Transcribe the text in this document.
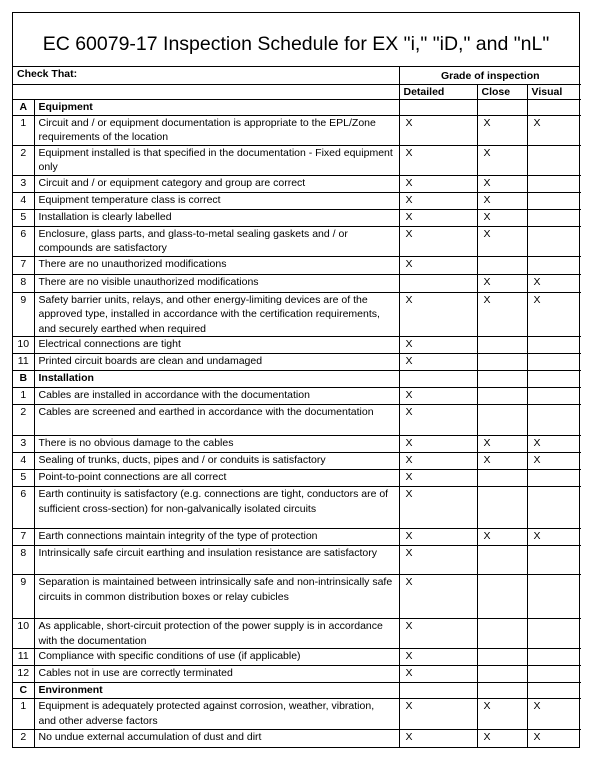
EC 60079-17 Inspection Schedule for EX "i," "iD," and "nL"
Check That:		Grade of inspection		
		Detailed	Close	Visual
A	Equipment			
1	Circuit and / or equipment documentation is appropriate to the EPL/Zone requirements of the location	X	X	X
2	Equipment installed is that specified in the documentation - Fixed equipment only	X	X	
3	Circuit and / or equipment category and group are correct	X	X	
4	Equipment temperature class is correct	X	X	
5	Installation is clearly labelled	X	X	
6	Enclosure, glass parts, and glass-to-metal sealing gaskets and / or compounds are satisfactory	X	X	
7	There are no unauthorized modifications	X		
8	There are no visible unauthorized modifications		X	X
9	Safety barrier units, relays, and other energy-limiting devices are of the approved type, installed in accordance with the certification requirements, and securely earthed when required	X	X	X
10	Electrical connections are tight	X		
11	Printed circuit boards are clean and undamaged	X		
B	Installation			
1	Cables are installed in accordance with the documentation	X		
2	Cables are screened and earthed in accordance with the documentation	X		
3	There is no obvious damage to the cables	X	X	X
4	Sealing of trunks, ducts, pipes and / or conduits is satisfactory	X	X	X
5	Point-to-point connections are all correct	X		
6	Earth continuity is satisfactory (e.g. connections are tight, conductors are of sufficient cross-section) for non-galvanically isolated circuits	X		
7	Earth connections maintain integrity of the type of protection	X	X	X
8	Intrinsically safe circuit earthing and insulation resistance are satisfactory	X		
9	Separation is maintained between intrinsically safe and non-intrinsically safe circuits in common distribution boxes or relay cubicles	X		
10	As applicable, short-circuit protection of the power supply is in accordance with the documentation	X		
11	Compliance with specific conditions of use (if applicable)	X		
12	Cables not in use are correctly terminated	X		
C	Environment			
1	Equipment is adequately protected against corrosion, weather, vibration, and other adverse factors	X	X	X
2	No undue external accumulation of dust and dirt	X	X	X
